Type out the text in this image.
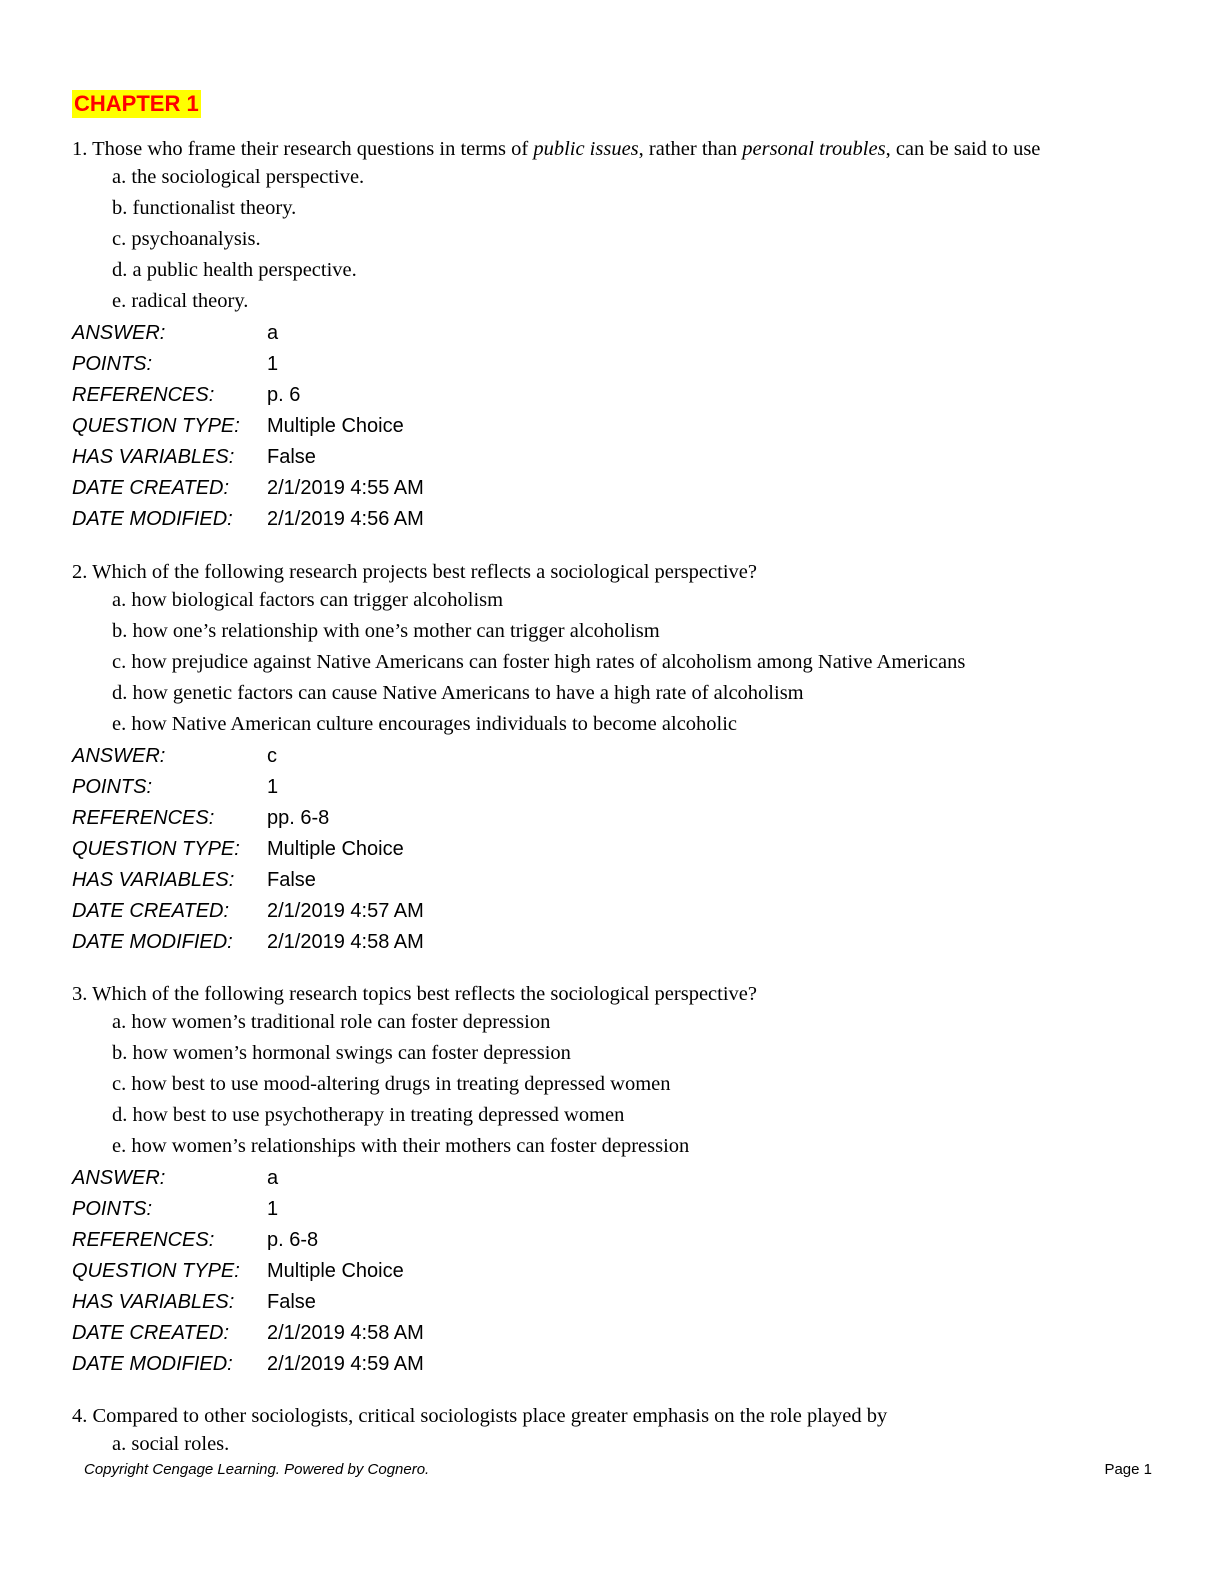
CHAPTER 1
1. Those who frame their research questions in terms of public issues, rather than personal troubles, can be said to use
a. the sociological perspective.
b. functionalist theory.
c. psychoanalysis.
d. a public health perspective.
e. radical theory.
ANSWER:	a
POINTS:	1
REFERENCES:	p. 6
QUESTION TYPE: Multiple Choice
HAS VARIABLES: False
DATE CREATED: 2/1/2019 4:55 AM
DATE MODIFIED: 2/1/2019 4:56 AM
2. Which of the following research projects best reflects a sociological perspective?
a. how biological factors can trigger alcoholism
b. how one’s relationship with one’s mother can trigger alcoholism
c. how prejudice against Native Americans can foster high rates of alcoholism among Native Americans
d. how genetic factors can cause Native Americans to have a high rate of alcoholism
e. how Native American culture encourages individuals to become alcoholic
ANSWER:	c
POINTS:	1
REFERENCES:	pp. 6-8
QUESTION TYPE: Multiple Choice
HAS VARIABLES: False
DATE CREATED: 2/1/2019 4:57 AM
DATE MODIFIED: 2/1/2019 4:58 AM
3. Which of the following research topics best reflects the sociological perspective?
a. how women’s traditional role can foster depression
b. how women’s hormonal swings can foster depression
c. how best to use mood-altering drugs in treating depressed women
d. how best to use psychotherapy in treating depressed women
e. how women’s relationships with their mothers can foster depression
ANSWER:	a
POINTS:	1
REFERENCES:	p. 6-8
QUESTION TYPE: Multiple Choice
HAS VARIABLES: False
DATE CREATED: 2/1/2019 4:58 AM
DATE MODIFIED: 2/1/2019 4:59 AM
4. Compared to other sociologists, critical sociologists place greater emphasis on the role played by
a. social roles.
Copyright Cengage Learning. Powered by Cognero.	Page 1
